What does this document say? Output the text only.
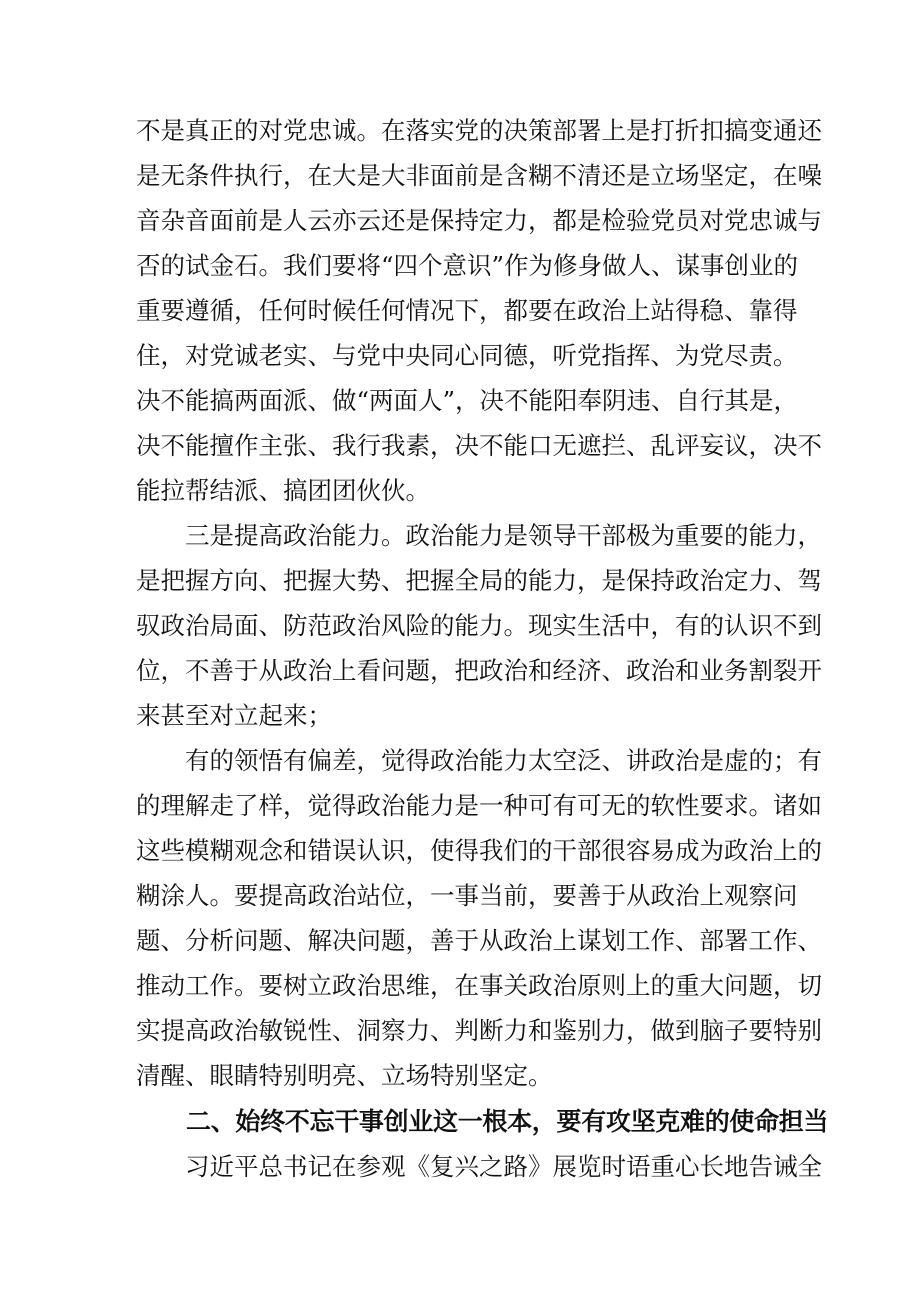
不是真正的对党忠诚。在落实党的决策部署上是打折扣搞变通还
是无条件执行，在大是大非面前是含糊不清还是立场坚定，在噪
音杂音面前是人云亦云还是保持定力，都是检验党员对党忠诚与
否的试金石。我们要将“四个意识”作为修身做人、谋事创业的
重要遵循，任何时候任何情况下，都要在政治上站得稳、靠得
住，对党诚老实、与党中央同心同德，听党指挥、为党尽责。
决不能搞两面派、做“两面人”，决不能阳奉阴违、自行其是，
决不能擅作主张、我行我素，决不能口无遮拦、乱评妄议，决不
能拉帮结派、搞团团伙伙。
三是提高政治能力。政治能力是领导干部极为重要的能力，
是把握方向、把握大势、把握全局的能力，是保持政治定力、驾
驭政治局面、防范政治风险的能力。现实生活中，有的认识不到
位，不善于从政治上看问题，把政治和经济、政治和业务割裂开
来甚至对立起来；
有的领悟有偏差，觉得政治能力太空泛、讲政治是虚的；有
的理解走了样，觉得政治能力是一种可有可无的软性要求。诸如
这些模糊观念和错误认识，使得我们的干部很容易成为政治上的
糊涂人。要提高政治站位，一事当前，要善于从政治上观察问
题、分析问题、解决问题，善于从政治上谋划工作、部署工作、
推动工作。要树立政治思维，在事关政治原则上的重大问题，切
实提高政治敏锐性、洞察力、判断力和鉴别力，做到脑子要特别
清醒、眼睛特别明亮、立场特别坚定。
二、始终不忘干事创业这一根本，要有攻坚克难的使命担当
习近平总书记在参观《复兴之路》展览时语重心长地告诫全
